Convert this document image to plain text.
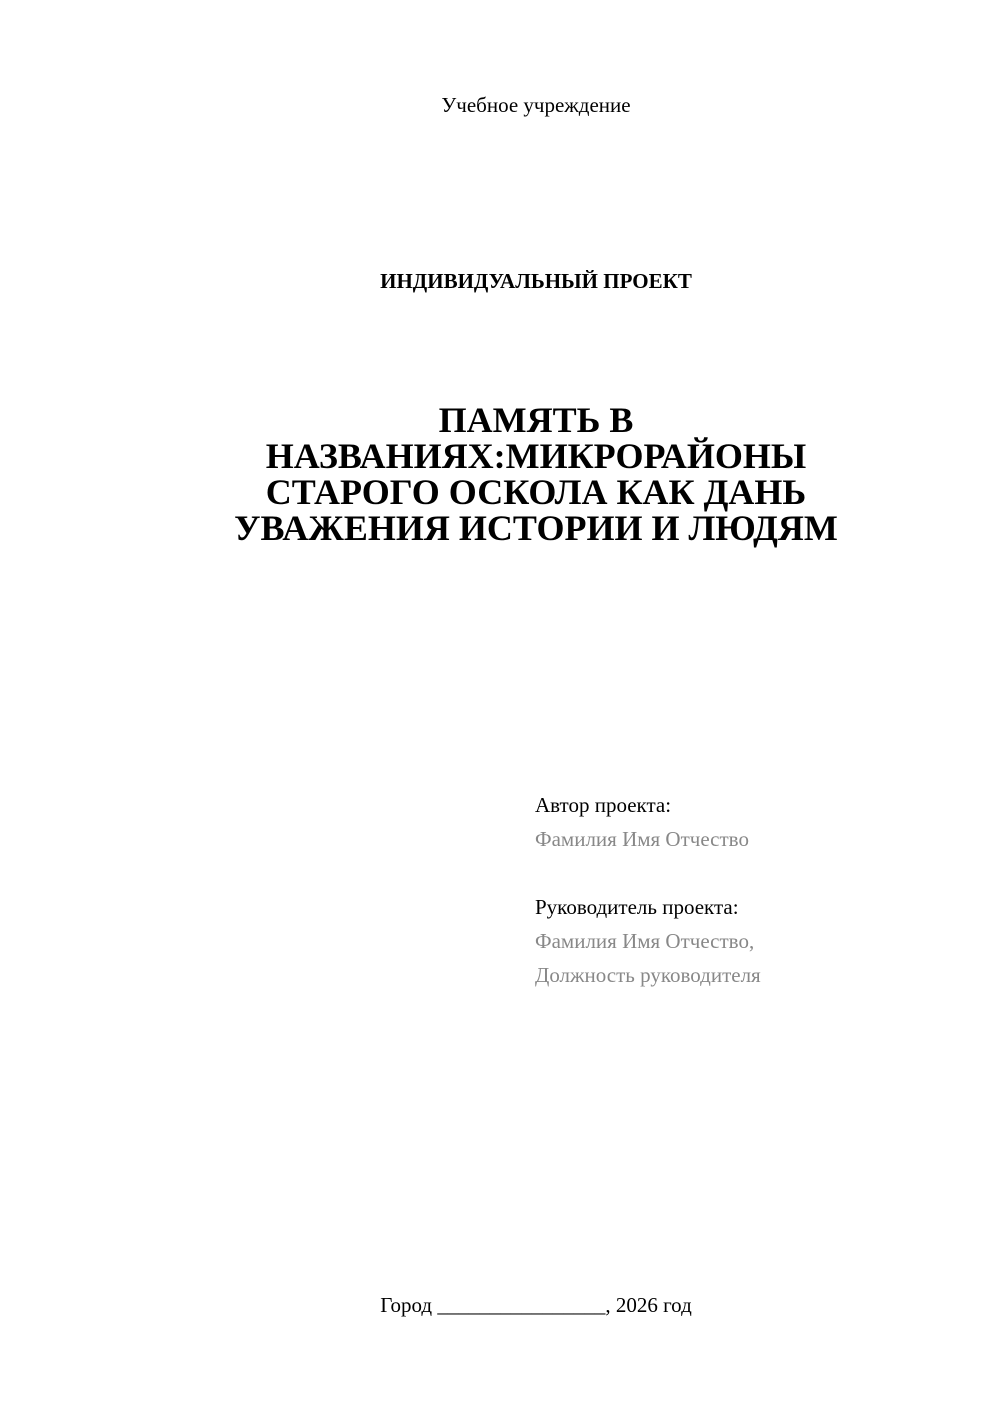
Учебное учреждение
ИНДИВИДУАЛЬНЫЙ ПРОЕКТ
ПАМЯТЬ В
НАЗВАНИЯХ:МИКРОРАЙОНЫ
СТАРОГО ОСКОЛА КАК ДАНЬ
УВАЖЕНИЯ ИСТОРИИ И ЛЮДЯМ
Автор проекта:
Фамилия Имя Отчество
Руководитель проекта:
Фамилия Имя Отчество,
Должность руководителя
Город ________________, 2026 год
